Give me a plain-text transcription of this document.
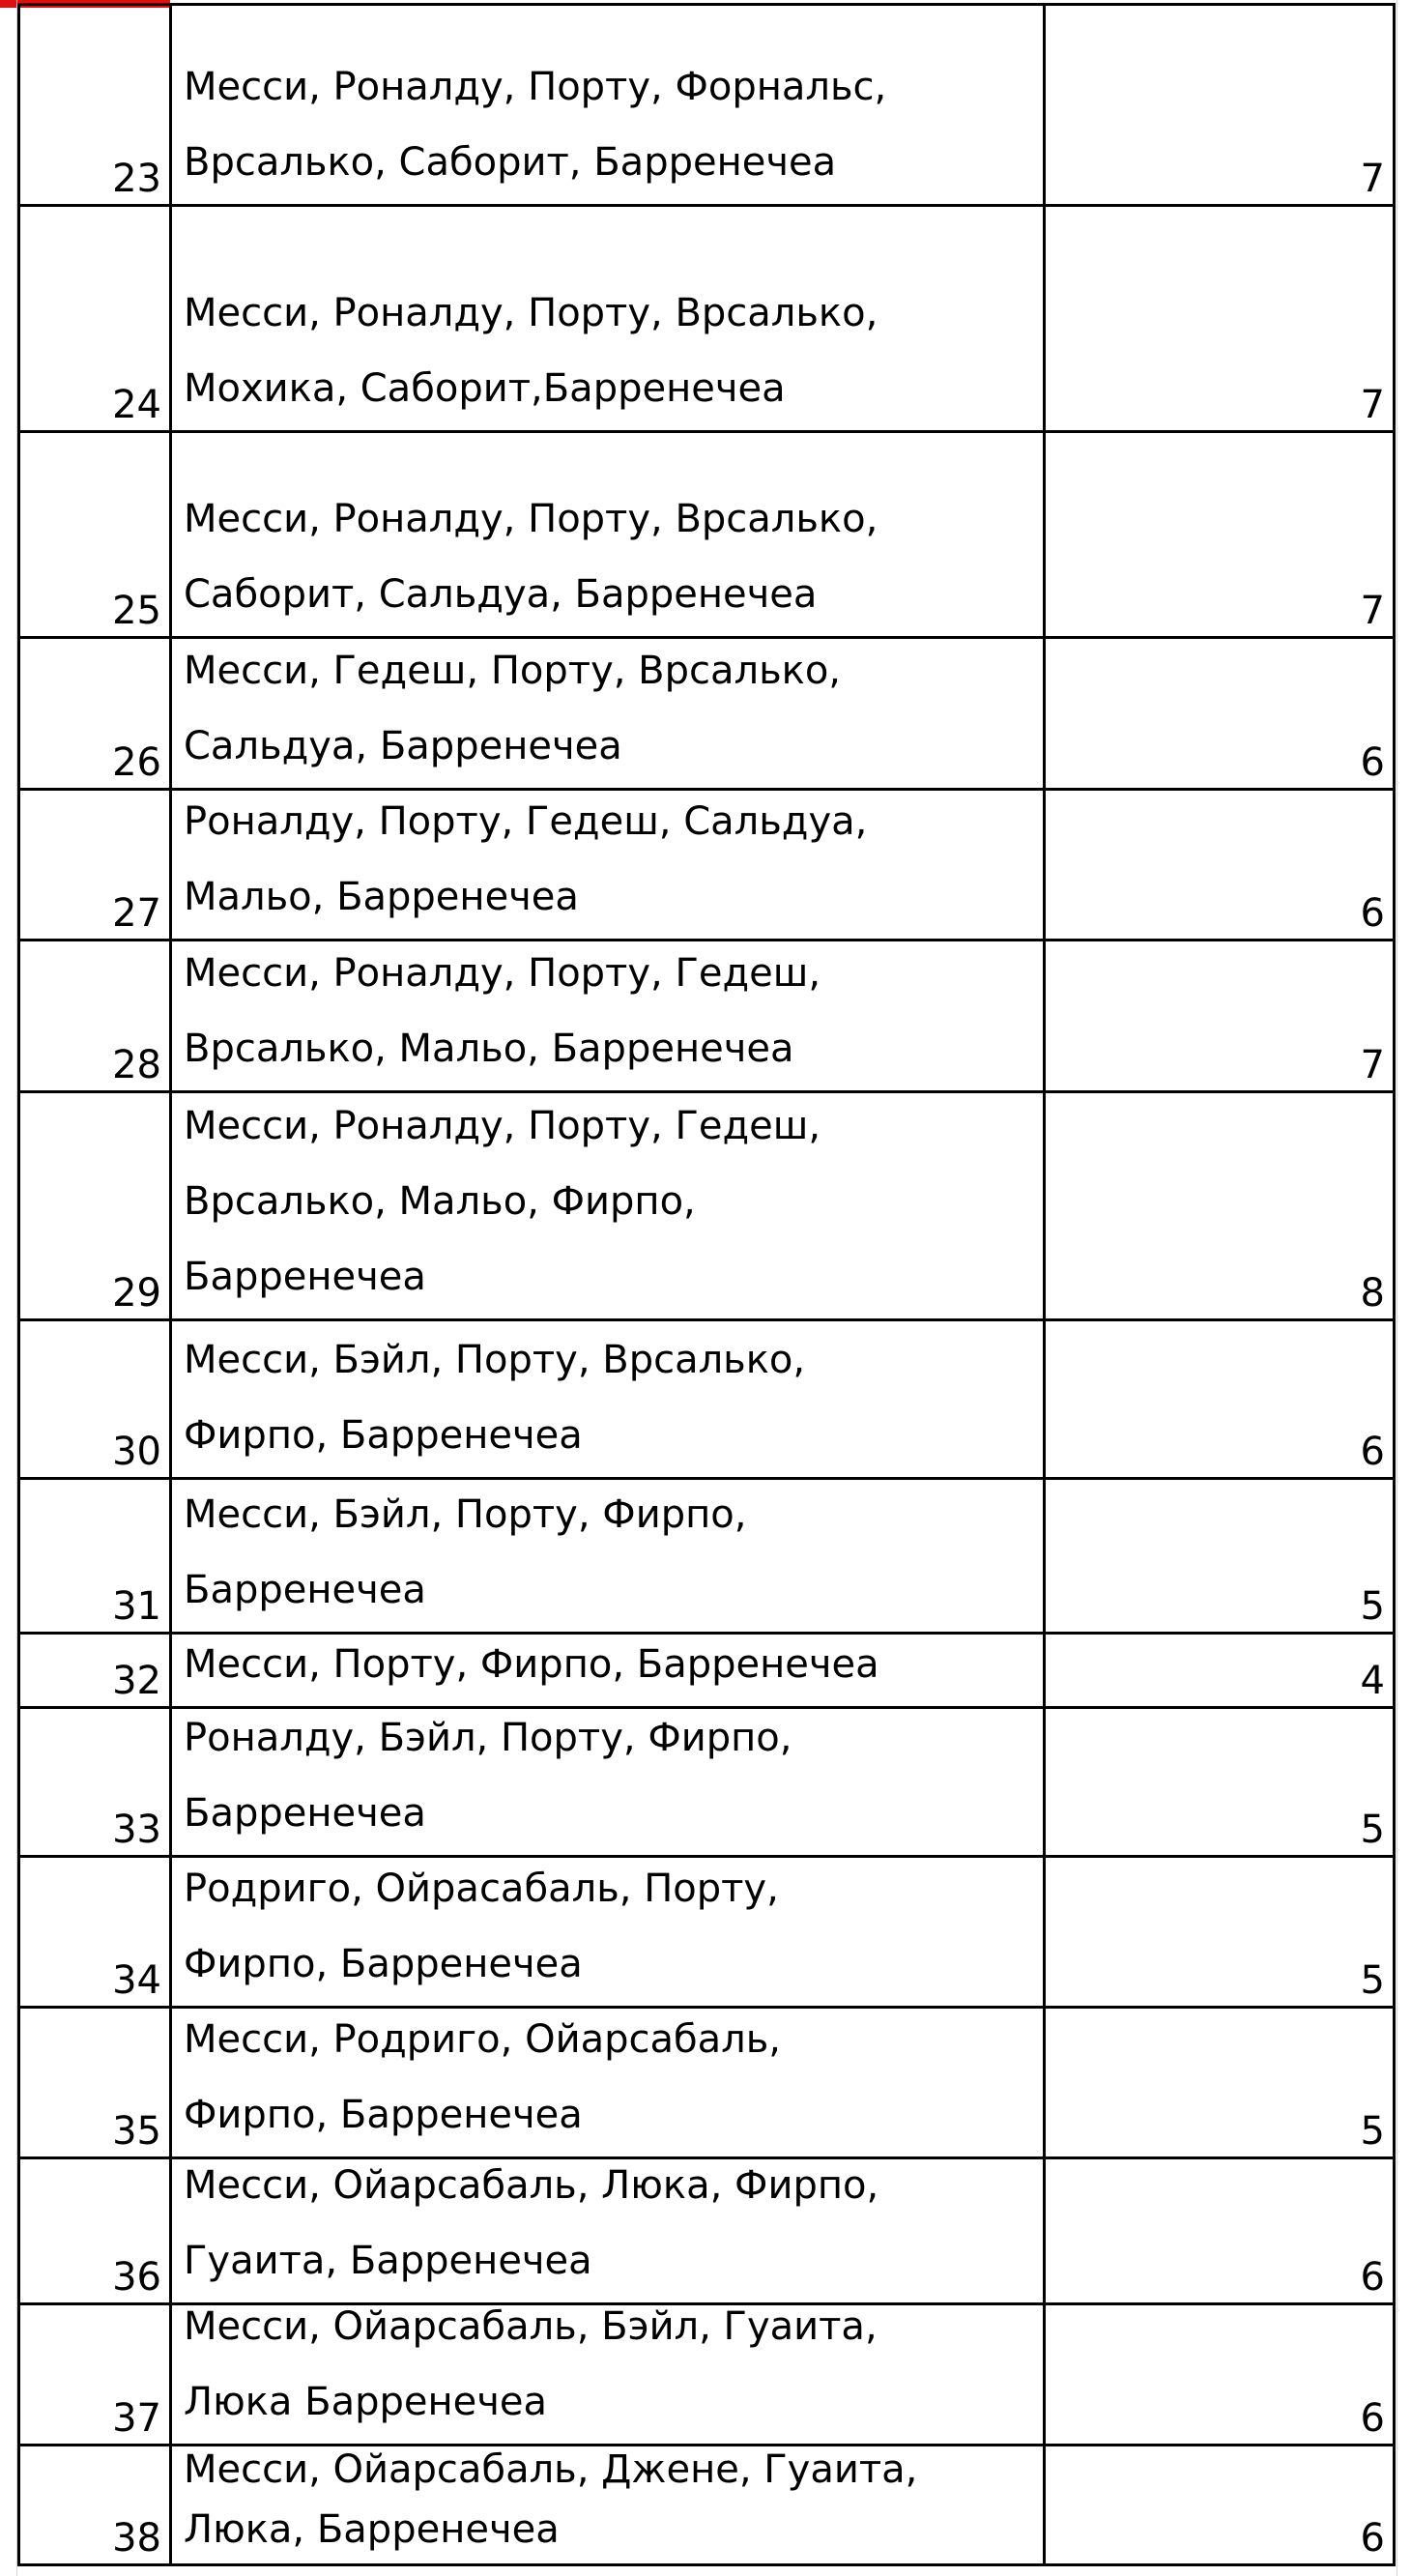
23
Месси, Роналду, Порту, Форнальс,
Врсалько, Саборит, Барренечеа	7
24
Месси, Роналду, Порту, Врсалько,
Мохика, Саборит,Барренечеа	7
25
Месси, Роналду, Порту, Врсалько,
Саборит, Сальдуа, Барренечеа	7
26
Месси, Гедеш, Порту, Врсалько,
Сальдуа, Барренечеа	6
27
Роналду, Порту, Гедеш, Сальдуа,
Мальо, Барренечеа	6
28
Месси, Роналду, Порту, Гедеш,
Врсалько, Мальо, Барренечеа	7
29
Месси, Роналду, Порту, Гедеш,
Врсалько, Мальо, Фирпо,
Барренечеа	8
30
Месси, Бэйл, Порту, Врсалько,
Фирпо, Барренечеа	6
31
Месси, Бэйл, Порту, Фирпо,
Барренечеа	5
32 Месси, Порту, Фирпо, Барренечеа	4
33
Роналду, Бэйл, Порту, Фирпо,
Барренечеа	5
34
Родриго, Ойрасабаль, Порту,
Фирпо, Барренечеа	5
35
Месси, Родриго, Ойарсабаль,
Фирпо, Барренечеа	5
36
Месси, Ойарсабаль, Люка, Фирпо,
Гуаита, Барренечеа	6
37
Месси, Ойарсабаль, Бэйл, Гуаита,
Люка Барренечеа	6
38
Месси, Ойарсабаль, Джене, Гуаита,
Люка, Барренечеа	6
